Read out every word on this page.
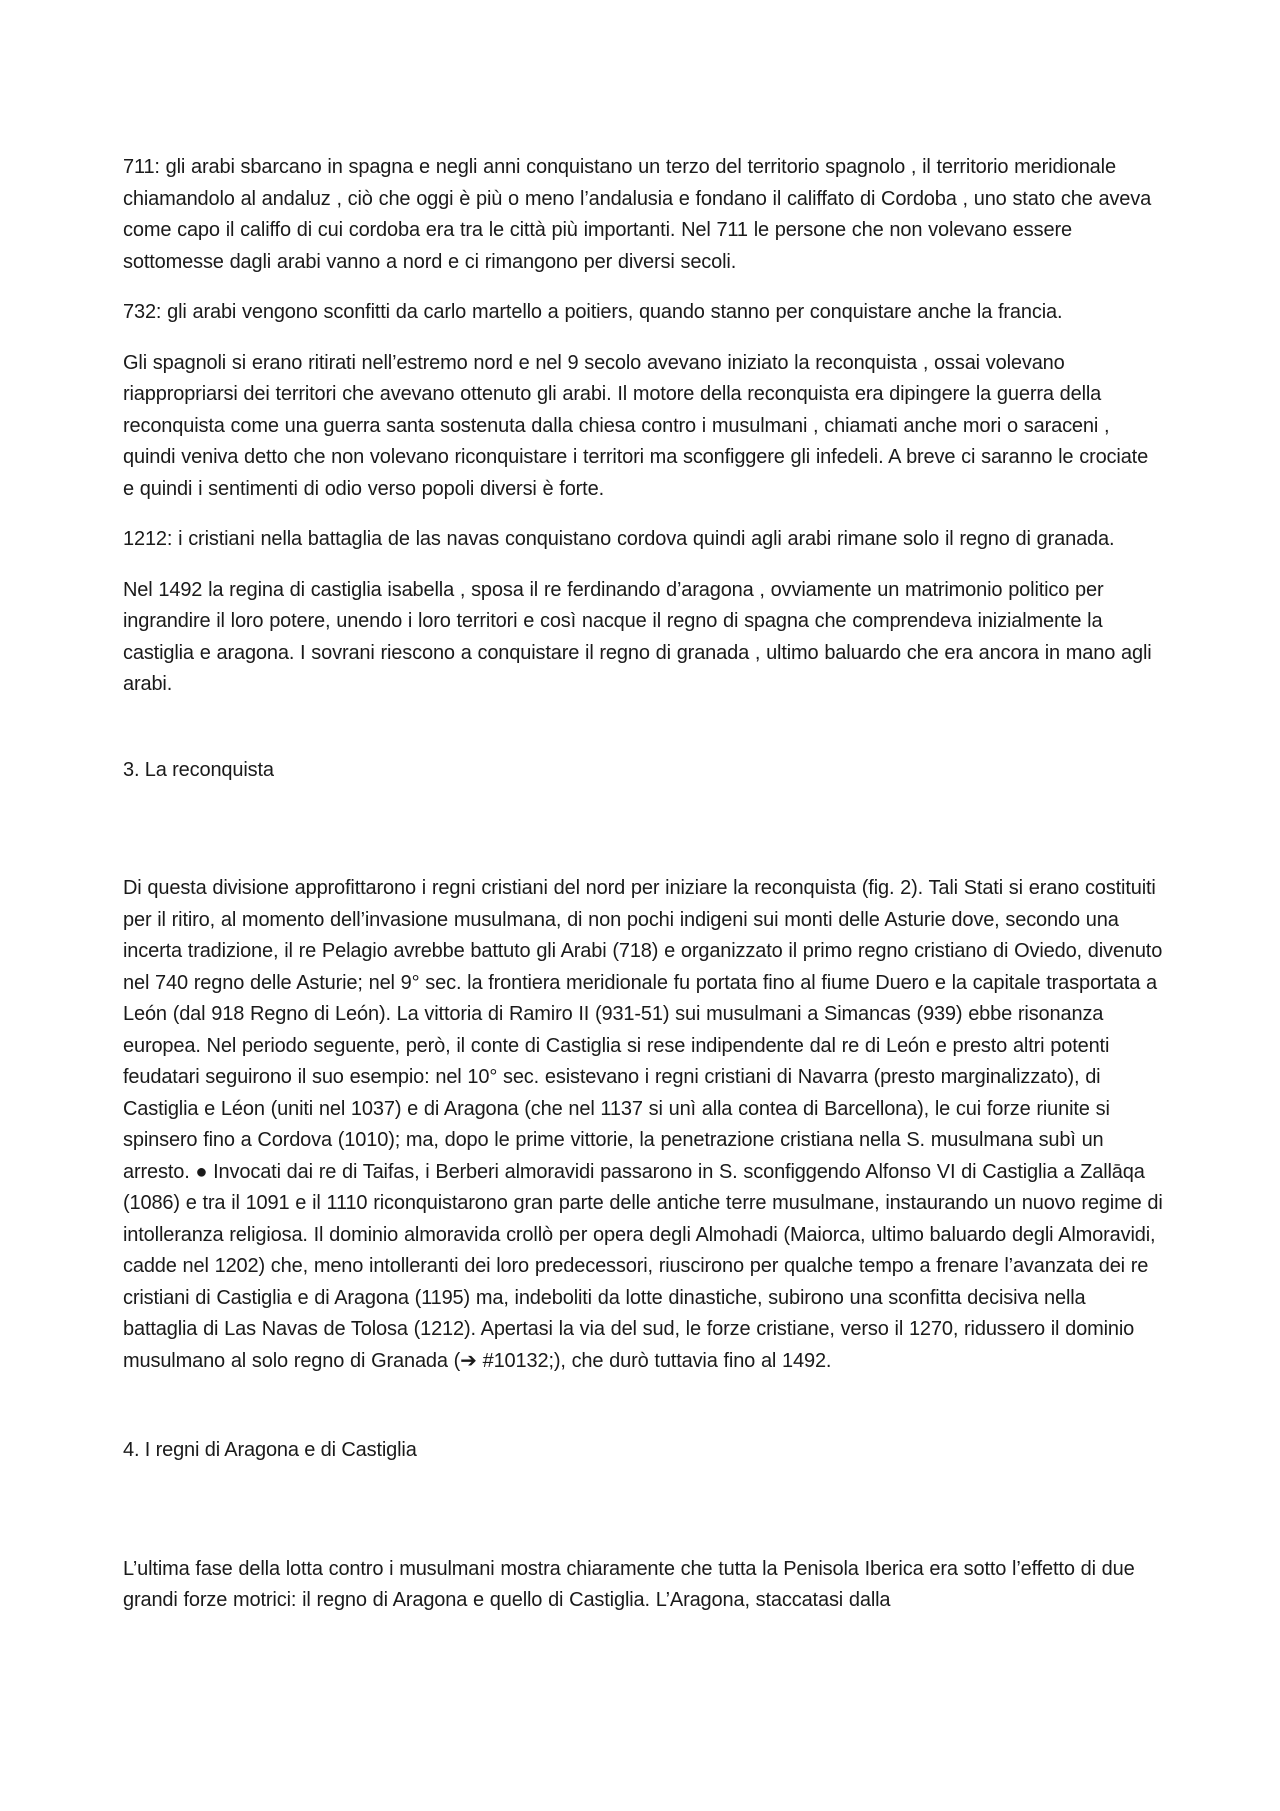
711: gli arabi sbarcano in spagna e negli anni conquistano un terzo del territorio spagnolo , il territorio meridionale chiamandolo al andaluz , ciò che oggi è più o meno l’andalusia e fondano il califfato di Cordoba , uno stato che aveva come capo il califfo di cui cordoba era tra le città più importanti. Nel 711 le persone che non volevano essere sottomesse dagli arabi vanno a nord e ci rimangono per diversi secoli.

732: gli arabi vengono sconfitti da carlo martello a poitiers, quando stanno per conquistare anche la francia.

Gli spagnoli si erano ritirati nell’estremo nord e nel 9 secolo avevano iniziato la reconquista , ossai volevano riappropriarsi dei territori che avevano ottenuto gli arabi. Il motore della reconquista era dipingere la guerra della reconquista come una guerra santa sostenuta dalla chiesa contro i musulmani , chiamati anche mori o saraceni , quindi veniva detto che non volevano riconquistare i territori ma sconfiggere gli infedeli. A breve ci saranno le crociate e quindi i sentimenti di odio verso popoli diversi è forte.

1212: i cristiani nella battaglia de las navas conquistano cordova quindi agli arabi rimane solo il regno di granada.

Nel 1492 la regina di castiglia isabella , sposa il re ferdinando d’aragona , ovviamente un matrimonio politico per ingrandire il loro potere, unendo i loro territori e così nacque il regno di spagna che comprendeva inizialmente la castiglia e aragona. I sovrani riescono a conquistare il regno di granada , ultimo baluardo che era ancora in mano agli arabi.

3. La reconquista

Di questa divisione approfittarono i regni cristiani del nord per iniziare la reconquista (fig. 2). Tali Stati si erano costituiti per il ritiro, al momento dell’invasione musulmana, di non pochi indigeni sui monti delle Asturie dove, secondo una incerta tradizione, il re Pelagio avrebbe battuto gli Arabi (718) e organizzato il primo regno cristiano di Oviedo, divenuto nel 740 regno delle Asturie; nel 9° sec. la frontiera meridionale fu portata fino al fiume Duero e la capitale trasportata a León (dal 918 Regno di León). La vittoria di Ramiro II (931-51) sui musulmani a Simancas (939) ebbe risonanza europea. Nel periodo seguente, però, il conte di Castiglia si rese indipendente dal re di León e presto altri potenti feudatari seguirono il suo esempio: nel 10° sec. esistevano i regni cristiani di Navarra (presto marginalizzato), di Castiglia e Léon (uniti nel 1037) e di Aragona (che nel 1137 si unì alla contea di Barcellona), le cui forze riunite si spinsero fino a Cordova (1010); ma, dopo le prime vittorie, la penetrazione cristiana nella S. musulmana subì un arresto. ● Invocati dai re di Taifas, i Berberi almoravidi passarono in S. sconfiggendo Alfonso VI di Castiglia a Zallāqa (1086) e tra il 1091 e il 1110 riconquistarono gran parte delle antiche terre musulmane, instaurando un nuovo regime di intolleranza religiosa. Il dominio almoravida crollò per opera degli Almohadi (Maiorca, ultimo baluardo degli Almoravidi, cadde nel 1202) che, meno intolleranti dei loro predecessori, riuscirono per qualche tempo a frenare l’avanzata dei re cristiani di Castiglia e di Aragona (1195) ma, indeboliti da lotte dinastiche, subirono una sconfitta decisiva nella battaglia di Las Navas de Tolosa (1212). Apertasi la via del sud, le forze cristiane, verso il 1270, ridussero il dominio musulmano al solo regno di Granada (➔ #10132;), che durò tuttavia fino al 1492.

4. I regni di Aragona e di Castiglia

L’ultima fase della lotta contro i musulmani mostra chiaramente che tutta la Penisola Iberica era sotto l’effetto di due grandi forze motrici: il regno di Aragona e quello di Castiglia. L’Aragona, staccatasi dalla
